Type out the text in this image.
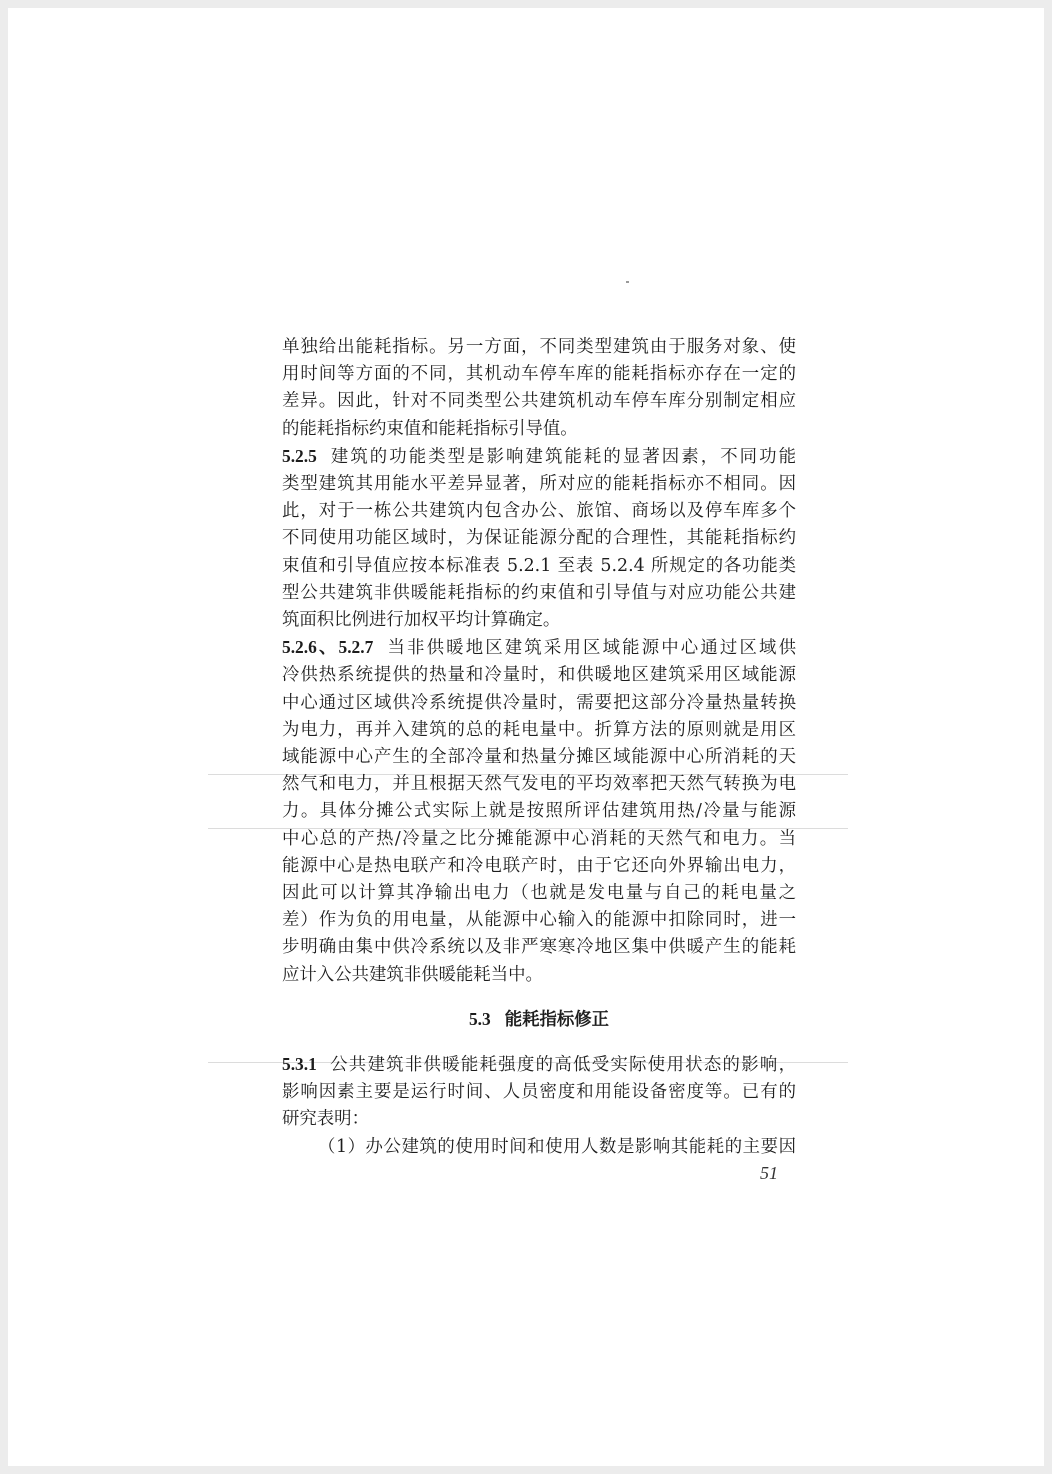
单独给出能耗指标。另一方面，不同类型建筑由于服务对象、使
用时间等方面的不同，其机动车停车库的能耗指标亦存在一定的
差异。因此，针对不同类型公共建筑机动车停车库分别制定相应
的能耗指标约束值和能耗指标引导值。
5.2.5 建筑的功能类型是影响建筑能耗的显著因素，不同功能
类型建筑其用能水平差异显著，所对应的能耗指标亦不相同。因
此，对于一栋公共建筑内包含办公、旅馆、商场以及停车库多个
不同使用功能区域时，为保证能源分配的合理性，其能耗指标约
束值和引导值应按本标准表 5.2.1 至表 5.2.4 所规定的各功能类
型公共建筑非供暖能耗指标的约束值和引导值与对应功能公共建
筑面积比例进行加权平均计算确定。
5.2.6、5.2.7 当非供暖地区建筑采用区域能源中心通过区域供
冷供热系统提供的热量和冷量时，和供暖地区建筑采用区域能源
中心通过区域供冷系统提供冷量时，需要把这部分冷量热量转换
为电力，再并入建筑的总的耗电量中。折算方法的原则就是用区
域能源中心产生的全部冷量和热量分摊区域能源中心所消耗的天
然气和电力，并且根据天然气发电的平均效率把天然气转换为电
力。具体分摊公式实际上就是按照所评估建筑用热/冷量与能源
中心总的产热/冷量之比分摊能源中心消耗的天然气和电力。当
能源中心是热电联产和冷电联产时，由于它还向外界输出电力，
因此可以计算其净输出电力（也就是发电量与自己的耗电量之
差）作为负的用电量，从能源中心输入的能源中扣除同时，进一
步明确由集中供冷系统以及非严寒寒冷地区集中供暖产生的能耗
应计入公共建筑非供暖能耗当中。
5.3 能耗指标修正
5.3.1 公共建筑非供暖能耗强度的高低受实际使用状态的影响，
影响因素主要是运行时间、人员密度和用能设备密度等。已有的
研究表明：
（1）办公建筑的使用时间和使用人数是影响其能耗的主要因
51
